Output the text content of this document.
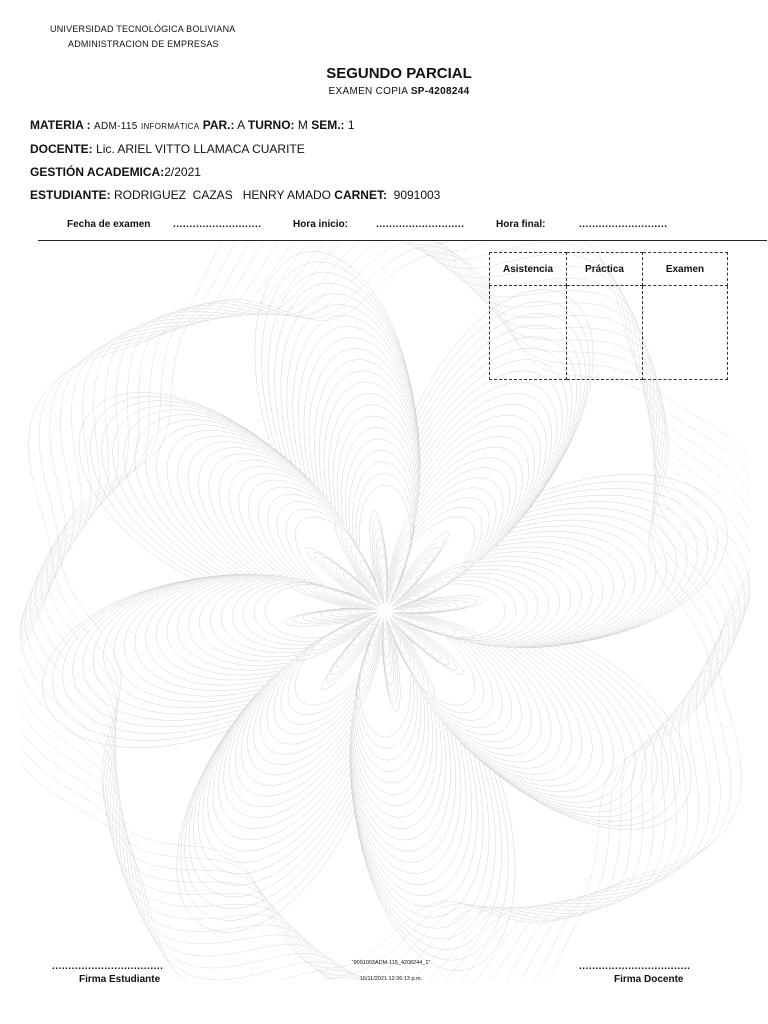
UNIVERSIDAD TECNOLÓGICA BOLIVIANA
ADMINISTRACION DE EMPRESAS
SEGUNDO PARCIAL
EXAMEN COPIA SP-4208244
MATERIA : ADM-115 INFORMÁTICA PAR.: A TURNO: M SEM.: 1
DOCENTE: Lic. ARIEL VITTO LLAMACA CUARITE
GESTIÓN ACADEMICA:2/2021
ESTUDIANTE: RODRIGUEZ  CAZAS   HENRY AMADO CARNET: 9091003
Fecha de examen ...........................	Hora inicio:	...........................	Hora final:	...........................
Asistencia	Práctica	Examen

..................................
Firma Estudiante
..................................
Firma Docente
"9091003ADM-115_4208244_1"
16/11/2021 12:36:13 p.m.
